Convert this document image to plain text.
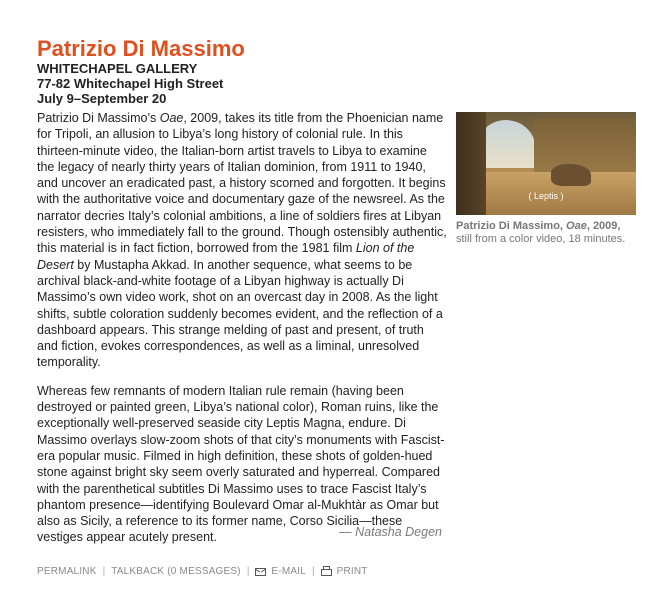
Patrizio Di Massimo
WHITECHAPEL GALLERY
77-82 Whitechapel High Street
July 9–September 20

Patrizio Di Massimo’s Oae, 2009, takes its title from the Phoenician name for Tripoli, an allusion to Libya’s long history of colonial rule. In this thirteen-minute video, the Italian-born artist travels to Libya to examine the legacy of nearly thirty years of Italian dominion, from 1911 to 1940, and uncover an eradicated past, a history scorned and forgotten. It begins with the authoritative voice and documentary gaze of the newsreel. As the narrator decries Italy’s colonial ambitions, a line of soldiers fires at Libyan resisters, who immediately fall to the ground. Though ostensibly authentic, this material is in fact fiction, borrowed from the 1981 film Lion of the Desert by Mustapha Akkad. In another sequence, what seems to be archival black-and-white footage of a Libyan highway is actually Di Massimo’s own video work, shot on an overcast day in 2008. As the light shifts, subtle coloration suddenly becomes evident, and the reflection of a dashboard appears. This strange melding of past and present, of truth and fiction, evokes correspondences, as well as a liminal, unresolved temporality.

Whereas few remnants of modern Italian rule remain (having been destroyed or painted green, Libya’s national color), Roman ruins, like the exceptionally well-preserved seaside city Leptis Magna, endure. Di Massimo overlays slow-zoom shots of that city’s monuments with Fascist-era popular music. Filmed in high definition, these shots of golden-hued stone against bright sky seem overly saturated and hyperreal. Compared with the parenthetical subtitles Di Massimo uses to trace Fascist Italy’s phantom presence—identifying Boulevard Omar al-Mukhtàr as Omar but also as Sicily, a reference to its former name, Corso Sicilia—these vestiges appear acutely present.	— Natasha Degen
( Leptis )
Patrizio Di Massimo, Oae, 2009, still from a color video, 18 minutes.
PERMALINK | TALKBACK (0 MESSAGES) | E-MAIL | PRINT
